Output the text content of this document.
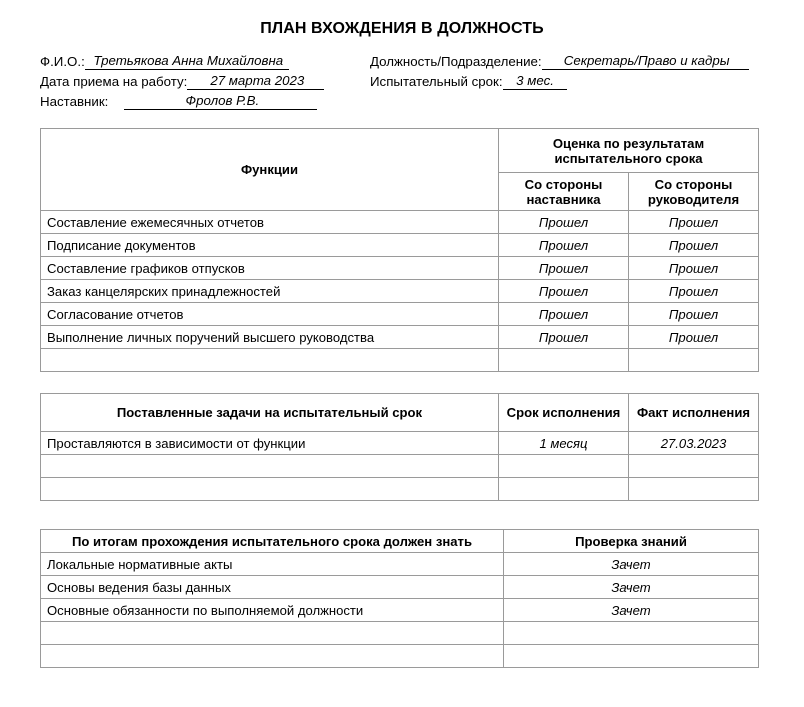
ПЛАН ВХОЖДЕНИЯ В ДОЛЖНОСТЬ
Ф.И.О.: Третьякова Анна Михайловна	Должность/Подразделение:	Секретарь/Право и кадры
Дата приема на работу:	27 марта 2023	Испытательный срок:	3 мес.
Наставник:	Фролов Р.В.
Функции	Оценка по результатам испытательного срока	
	Со стороны наставника	Со стороны руководителя
Составление ежемесячных отчетов	Прошел	Прошел
Подписание документов	Прошел	Прошел
Составление графиков отпусков	Прошел	Прошел
Заказ канцелярских принадлежностей	Прошел	Прошел
Согласование отчетов	Прошел	Прошел
Выполнение личных поручений высшего руководства	Прошел	Прошел

Поставленные задачи на испытательный срок	Срок исполнения	Факт исполнения
Проставляются в зависимости от функции	1 месяц	27.03.2023

По итогам прохождения испытательного срока должен знать	Проверка знаний
Локальные нормативные акты	Зачет
Основы ведения базы данных	Зачет
Основные обязанности по выполняемой должности	Зачет
